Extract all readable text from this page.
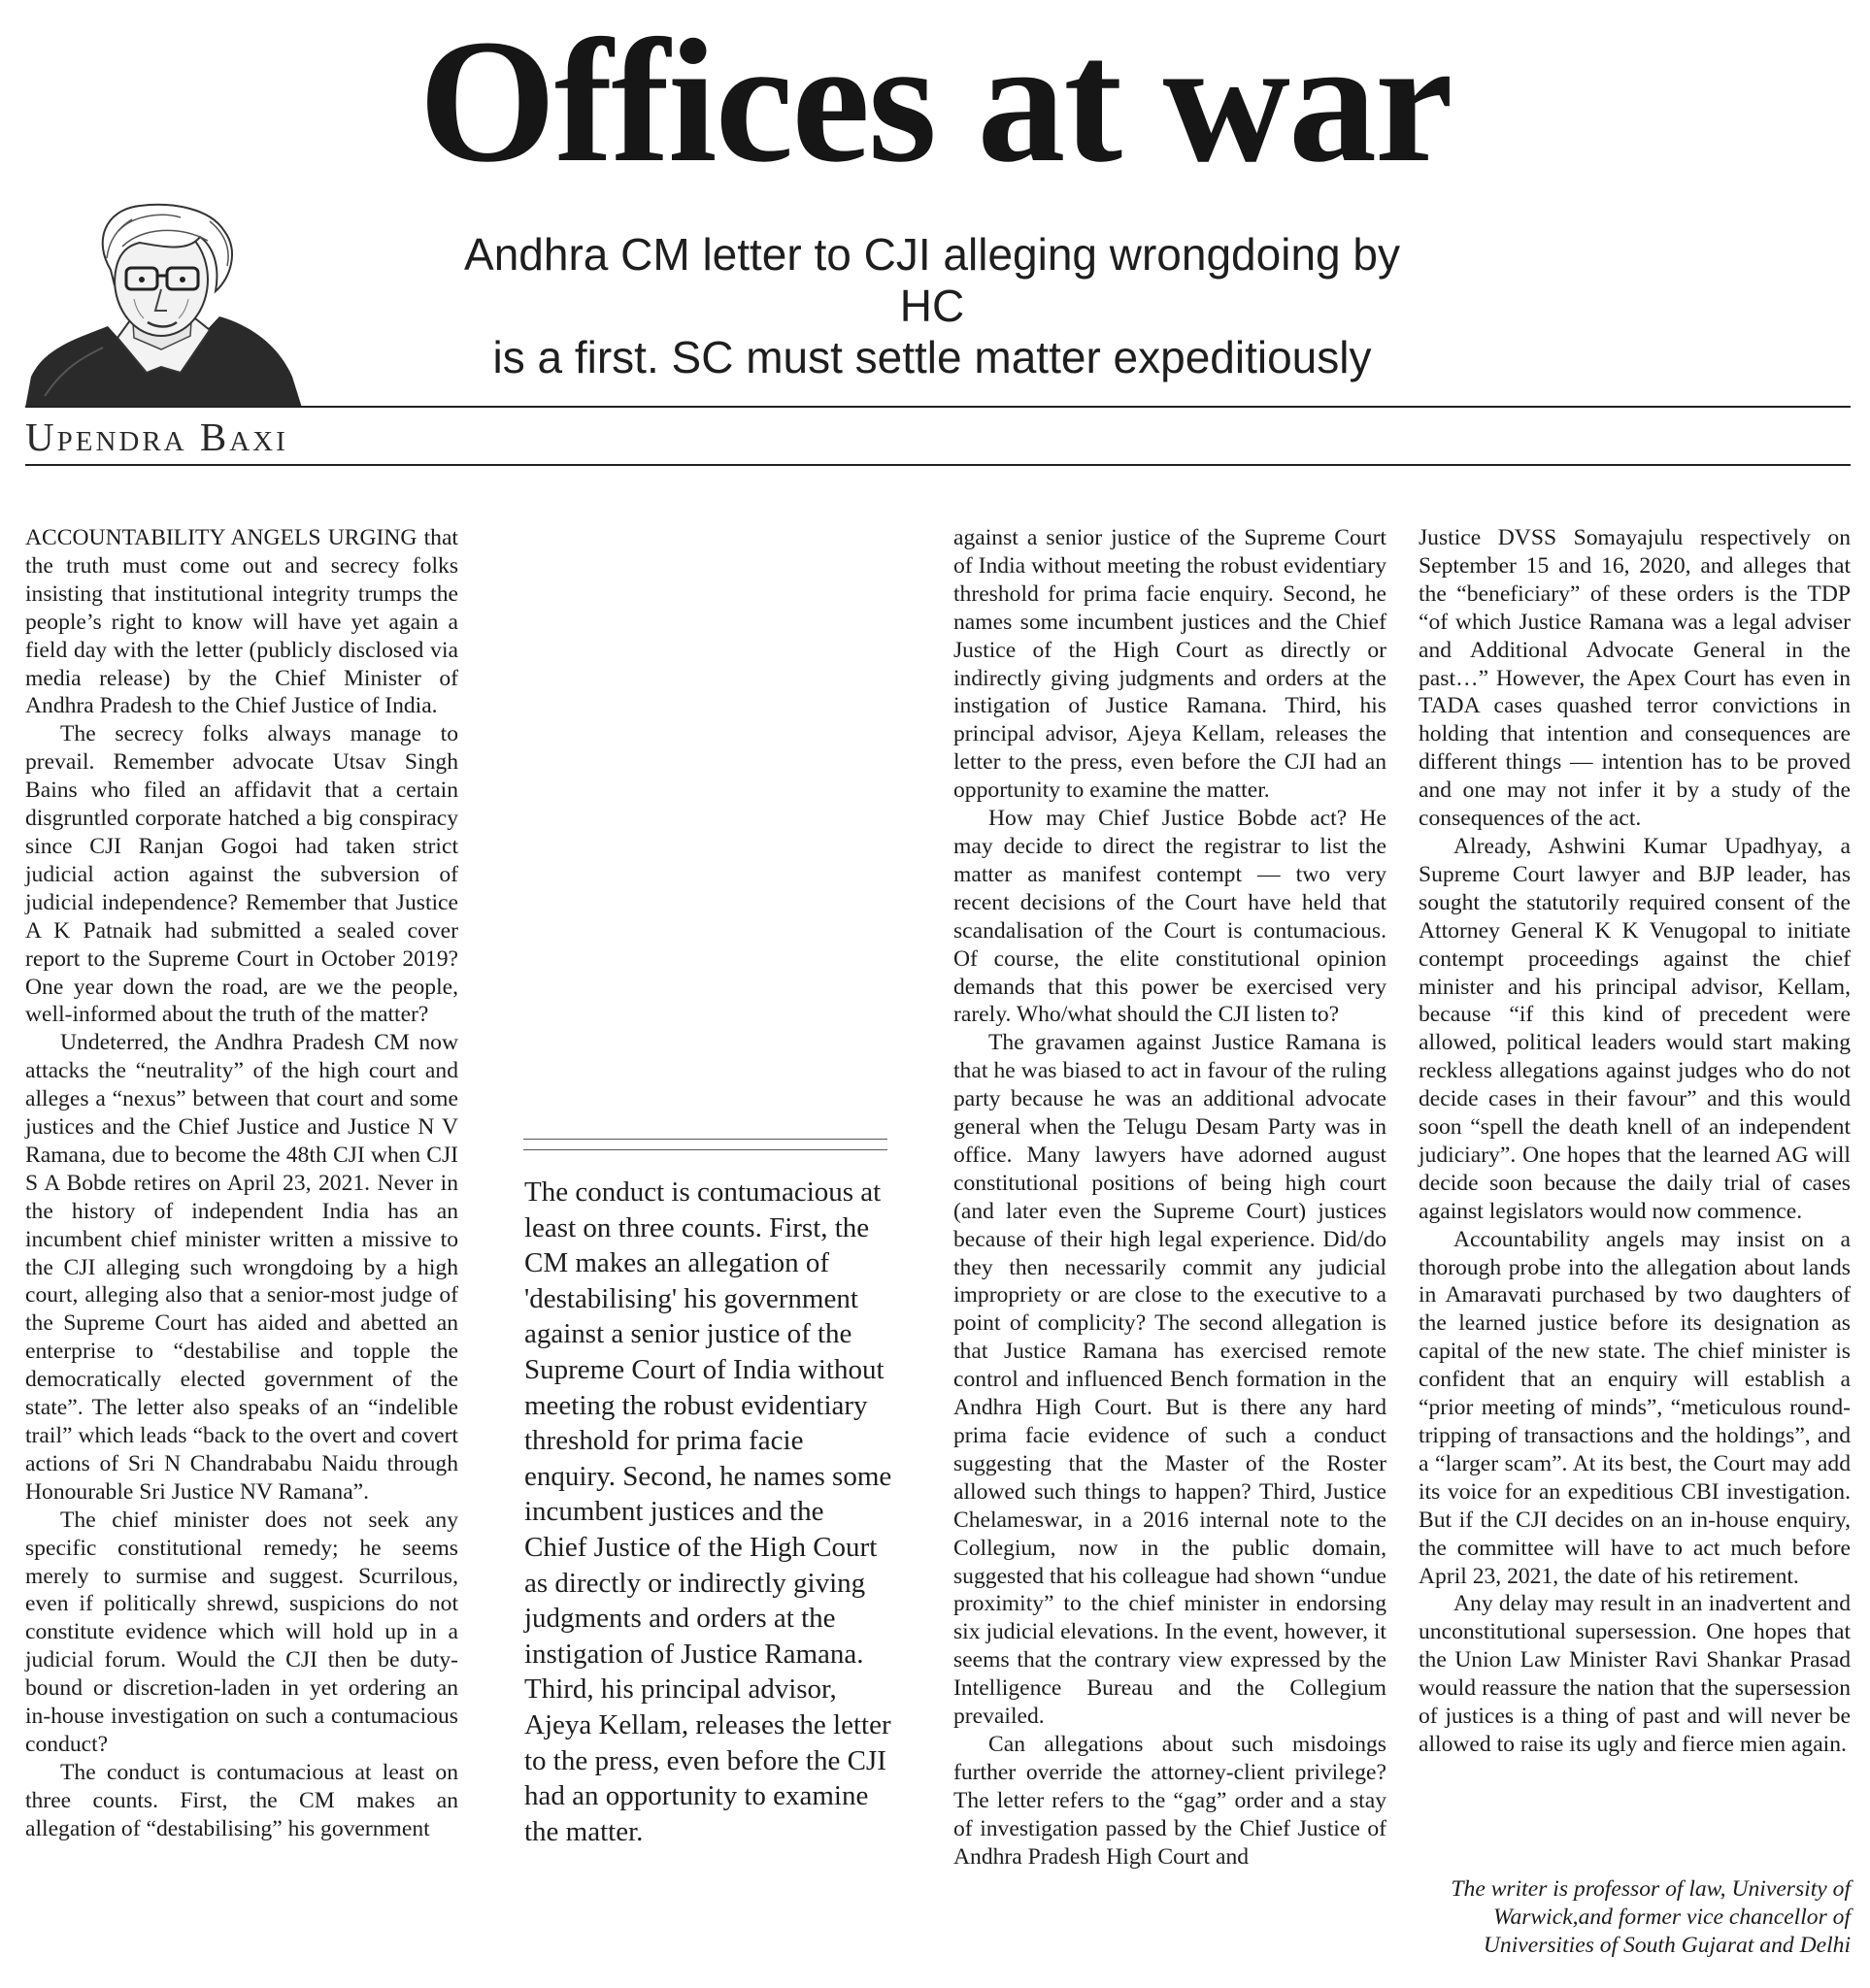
Offices at war
Andhra CM letter to CJI alleging wrongdoing by HC
is a first. SC must settle matter expeditiously
Upendra Baxi

ACCOUNTABILITY ANGELS URGING that the truth must come out and secrecy folks insisting that institutional integrity trumps the people’s right to know will have yet again a field day with the letter (publicly disclosed via media release) by the Chief Minister of Andhra Pradesh to the Chief Justice of India.

The secrecy folks always manage to prevail. Remember advocate Utsav Singh Bains who filed an affidavit that a certain disgruntled corporate hatched a big conspiracy since CJI Ranjan Gogoi had taken strict judicial action against the subversion of judicial independence? Remember that Justice A K Patnaik had submitted a sealed cover report to the Supreme Court in October 2019? One year down the road, are we the people, well-informed about the truth of the matter?

Undeterred, the Andhra Pradesh CM now attacks the “neutrality” of the high court and alleges a “nexus” between that court and some justices and the Chief Justice and Justice N V Ramana, due to become the 48th CJI when CJI S A Bobde retires on April 23, 2021. Never in the history of independent India has an incumbent chief minister written a missive to the CJI alleging such wrongdoing by a high court, alleging also that a senior-most judge of the Supreme Court has aided and abetted an enterprise to “destabilise and topple the democratically elected government of the state”. The letter also speaks of an “indelible trail” which leads “back to the overt and covert actions of Sri N Chandrababu Naidu through Honourable Sri Justice NV Ramana”.

The chief minister does not seek any specific constitutional remedy; he seems merely to surmise and suggest. Scurrilous, even if politically shrewd, suspicions do not constitute evidence which will hold up in a judicial forum. Would the CJI then be duty-bound or discretion-laden in yet ordering an in-house investigation on such a contumacious conduct?

The conduct is contumacious at least on three counts. First, the CM makes an allegation of “destabilising” his government

The conduct is contumacious at least on three counts. First, the CM makes an allegation of 'destabilising' his government against a senior justice of the Supreme Court of India without meeting the robust evidentiary threshold for prima facie enquiry. Second, he names some incumbent justices and the Chief Justice of the High Court as directly or indirectly giving judgments and orders at the instigation of Justice Ramana. Third, his principal advisor, Ajeya Kellam, releases the letter to the press, even before the CJI had an opportunity to examine the matter.

against a senior justice of the Supreme Court of India without meeting the robust evidentiary threshold for prima facie enquiry. Second, he names some incumbent justices and the Chief Justice of the High Court as directly or indirectly giving judgments and orders at the instigation of Justice Ramana. Third, his principal advisor, Ajeya Kellam, releases the letter to the press, even before the CJI had an opportunity to examine the matter.

How may Chief Justice Bobde act? He may decide to direct the registrar to list the matter as manifest contempt — two very recent decisions of the Court have held that scandalisation of the Court is contumacious. Of course, the elite constitutional opinion demands that this power be exercised very rarely. Who/what should the CJI listen to?

The gravamen against Justice Ramana is that he was biased to act in favour of the ruling party because he was an additional advocate general when the Telugu Desam Party was in office. Many lawyers have adorned august constitutional positions of being high court (and later even the Supreme Court) justices because of their high legal experience. Did/do they then necessarily commit any judicial impropriety or are close to the executive to a point of complicity? The second allegation is that Justice Ramana has exercised remote control and influenced Bench formation in the Andhra High Court. But is there any hard prima facie evidence of such a conduct suggesting that the Master of the Roster allowed such things to happen? Third, Justice Chelameswar, in a 2016 internal note to the Collegium, now in the public domain, suggested that his colleague had shown “undue proximity” to the chief minister in endorsing six judicial elevations. In the event, however, it seems that the contrary view expressed by the Intelligence Bureau and the Collegium prevailed.

Can allegations about such misdoings further override the attorney-client privilege? The letter refers to the “gag” order and a stay of investigation passed by the Chief Justice of Andhra Pradesh High Court and

Justice DVSS Somayajulu respectively on September 15 and 16, 2020, and alleges that the “beneficiary” of these orders is the TDP “of which Justice Ramana was a legal adviser and Additional Advocate General in the past…” However, the Apex Court has even in TADA cases quashed terror convictions in holding that intention and consequences are different things — intention has to be proved and one may not infer it by a study of the consequences of the act.

Already, Ashwini Kumar Upadhyay, a Supreme Court lawyer and BJP leader, has sought the statutorily required consent of the Attorney General K K Venugopal to initiate contempt proceedings against the chief minister and his principal advisor, Kellam, because “if this kind of precedent were allowed, political leaders would start making reckless allegations against judges who do not decide cases in their favour” and this would soon “spell the death knell of an independent judiciary”. One hopes that the learned AG will decide soon because the daily trial of cases against legislators would now commence.

Accountability angels may insist on a thorough probe into the allegation about lands in Amaravati purchased by two daughters of the learned justice before its designation as capital of the new state. The chief minister is confident that an enquiry will establish a “prior meeting of minds”, “meticulous round-tripping of transactions and the holdings”, and a “larger scam”. At its best, the Court may add its voice for an expeditious CBI investigation. But if the CJI decides on an in-house enquiry, the committee will have to act much before April 23, 2021, the date of his retirement.

Any delay may result in an inadvertent and unconstitutional supersession. One hopes that the Union Law Minister Ravi Shankar Prasad would reassure the nation that the supersession of justices is a thing of past and will never be allowed to raise its ugly and fierce mien again.

The writer is professor of law, University of
Warwick,and former vice chancellor of
Universities of South Gujarat and Delhi
